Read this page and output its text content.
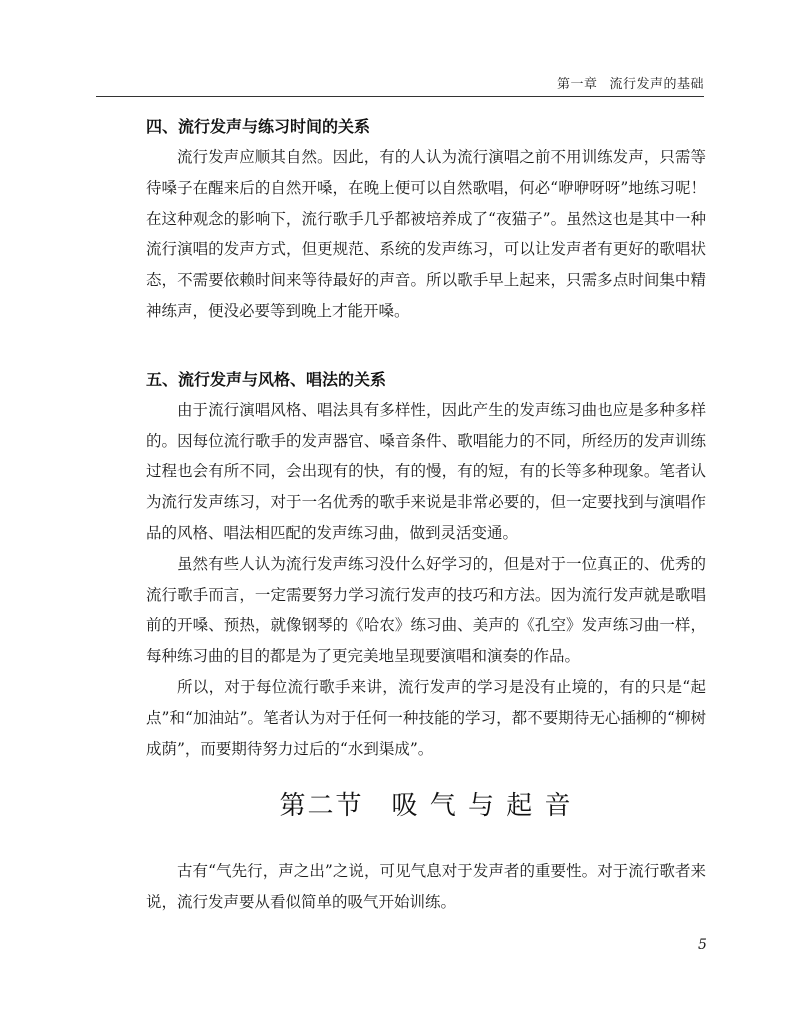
第一章 流行发声的基础
四、流行发声与练习时间的关系

流行发声应顺其自然。因此，有的人认为流行演唱之前不用训练发声，只需等待嗓子在醒来后的自然开嗓，在晚上便可以自然歌唱，何必“咿咿呀呀”地练习呢！在这种观念的影响下，流行歌手几乎都被培养成了“夜猫子”。虽然这也是其中一种流行演唱的发声方式，但更规范、系统的发声练习，可以让发声者有更好的歌唱状态，不需要依赖时间来等待最好的声音。所以歌手早上起来，只需多点时间集中精神练声，便没必要等到晚上才能开嗓。

五、流行发声与风格、唱法的关系

由于流行演唱风格、唱法具有多样性，因此产生的发声练习曲也应是多种多样的。因每位流行歌手的发声器官、嗓音条件、歌唱能力的不同，所经历的发声训练过程也会有所不同，会出现有的快，有的慢，有的短，有的长等多种现象。笔者认为流行发声练习，对于一名优秀的歌手来说是非常必要的，但一定要找到与演唱作品的风格、唱法相匹配的发声练习曲，做到灵活变通。

虽然有些人认为流行发声练习没什么好学习的，但是对于一位真正的、优秀的流行歌手而言，一定需要努力学习流行发声的技巧和方法。因为流行发声就是歌唱前的开嗓、预热，就像钢琴的《哈农》练习曲、美声的《孔空》发声练习曲一样，每种练习曲的目的都是为了更完美地呈现要演唱和演奏的作品。

所以，对于每位流行歌手来讲，流行发声的学习是没有止境的，有的只是“起点”和“加油站”。笔者认为对于任何一种技能的学习，都不要期待无心插柳的“柳树成荫”，而要期待努力过后的“水到渠成”。

第二节　吸 气 与 起 音

古有“气先行，声之出”之说，可见气息对于发声者的重要性。对于流行歌者来说，流行发声要从看似简单的吸气开始训练。

5
